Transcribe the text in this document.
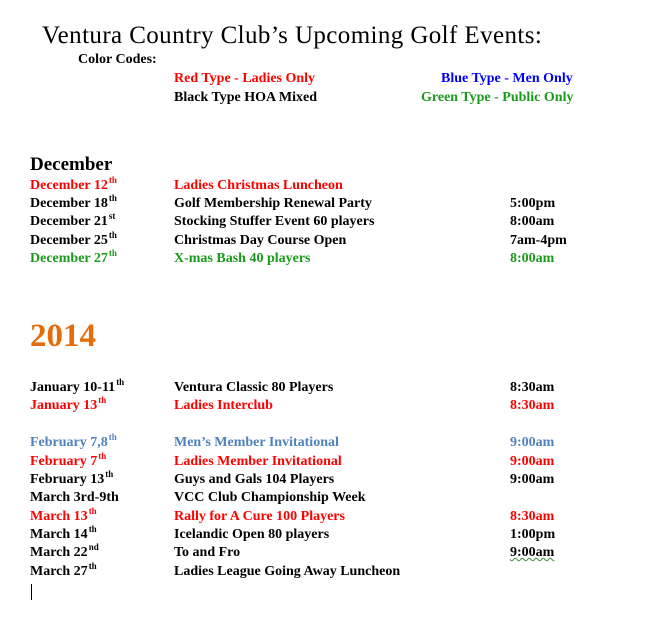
Ventura Country Club’s Upcoming Golf Events:
Color Codes:
Red Type - Ladies Only	Blue Type - Men Only
Black Type HOA Mixed	Green Type - Public Only
December
December 12th	Ladies Christmas Luncheon
December 18th	Golf Membership Renewal Party	5:00pm
December 21st	Stocking Stuffer Event 60 players	8:00am
December 25th	Christmas Day Course Open	7am-4pm
December 27th	X-mas Bash 40 players	8:00am
2014
January 10-11th	Ventura Classic 80 Players	8:30am
January 13th	Ladies Interclub	8:30am
February 7,8th	Men’s Member Invitational	9:00am
February 7th	Ladies Member Invitational	9:00am
February 13th	Guys and Gals 104 Players	9:00am
March 3rd-9th	VCC Club Championship Week
March 13th	Rally for A Cure 100 Players	8:30am
March 14th	Icelandic Open 80 players	1:00pm
March 22nd	To and Fro	9:00am
March 27th	Ladies League Going Away Luncheon
